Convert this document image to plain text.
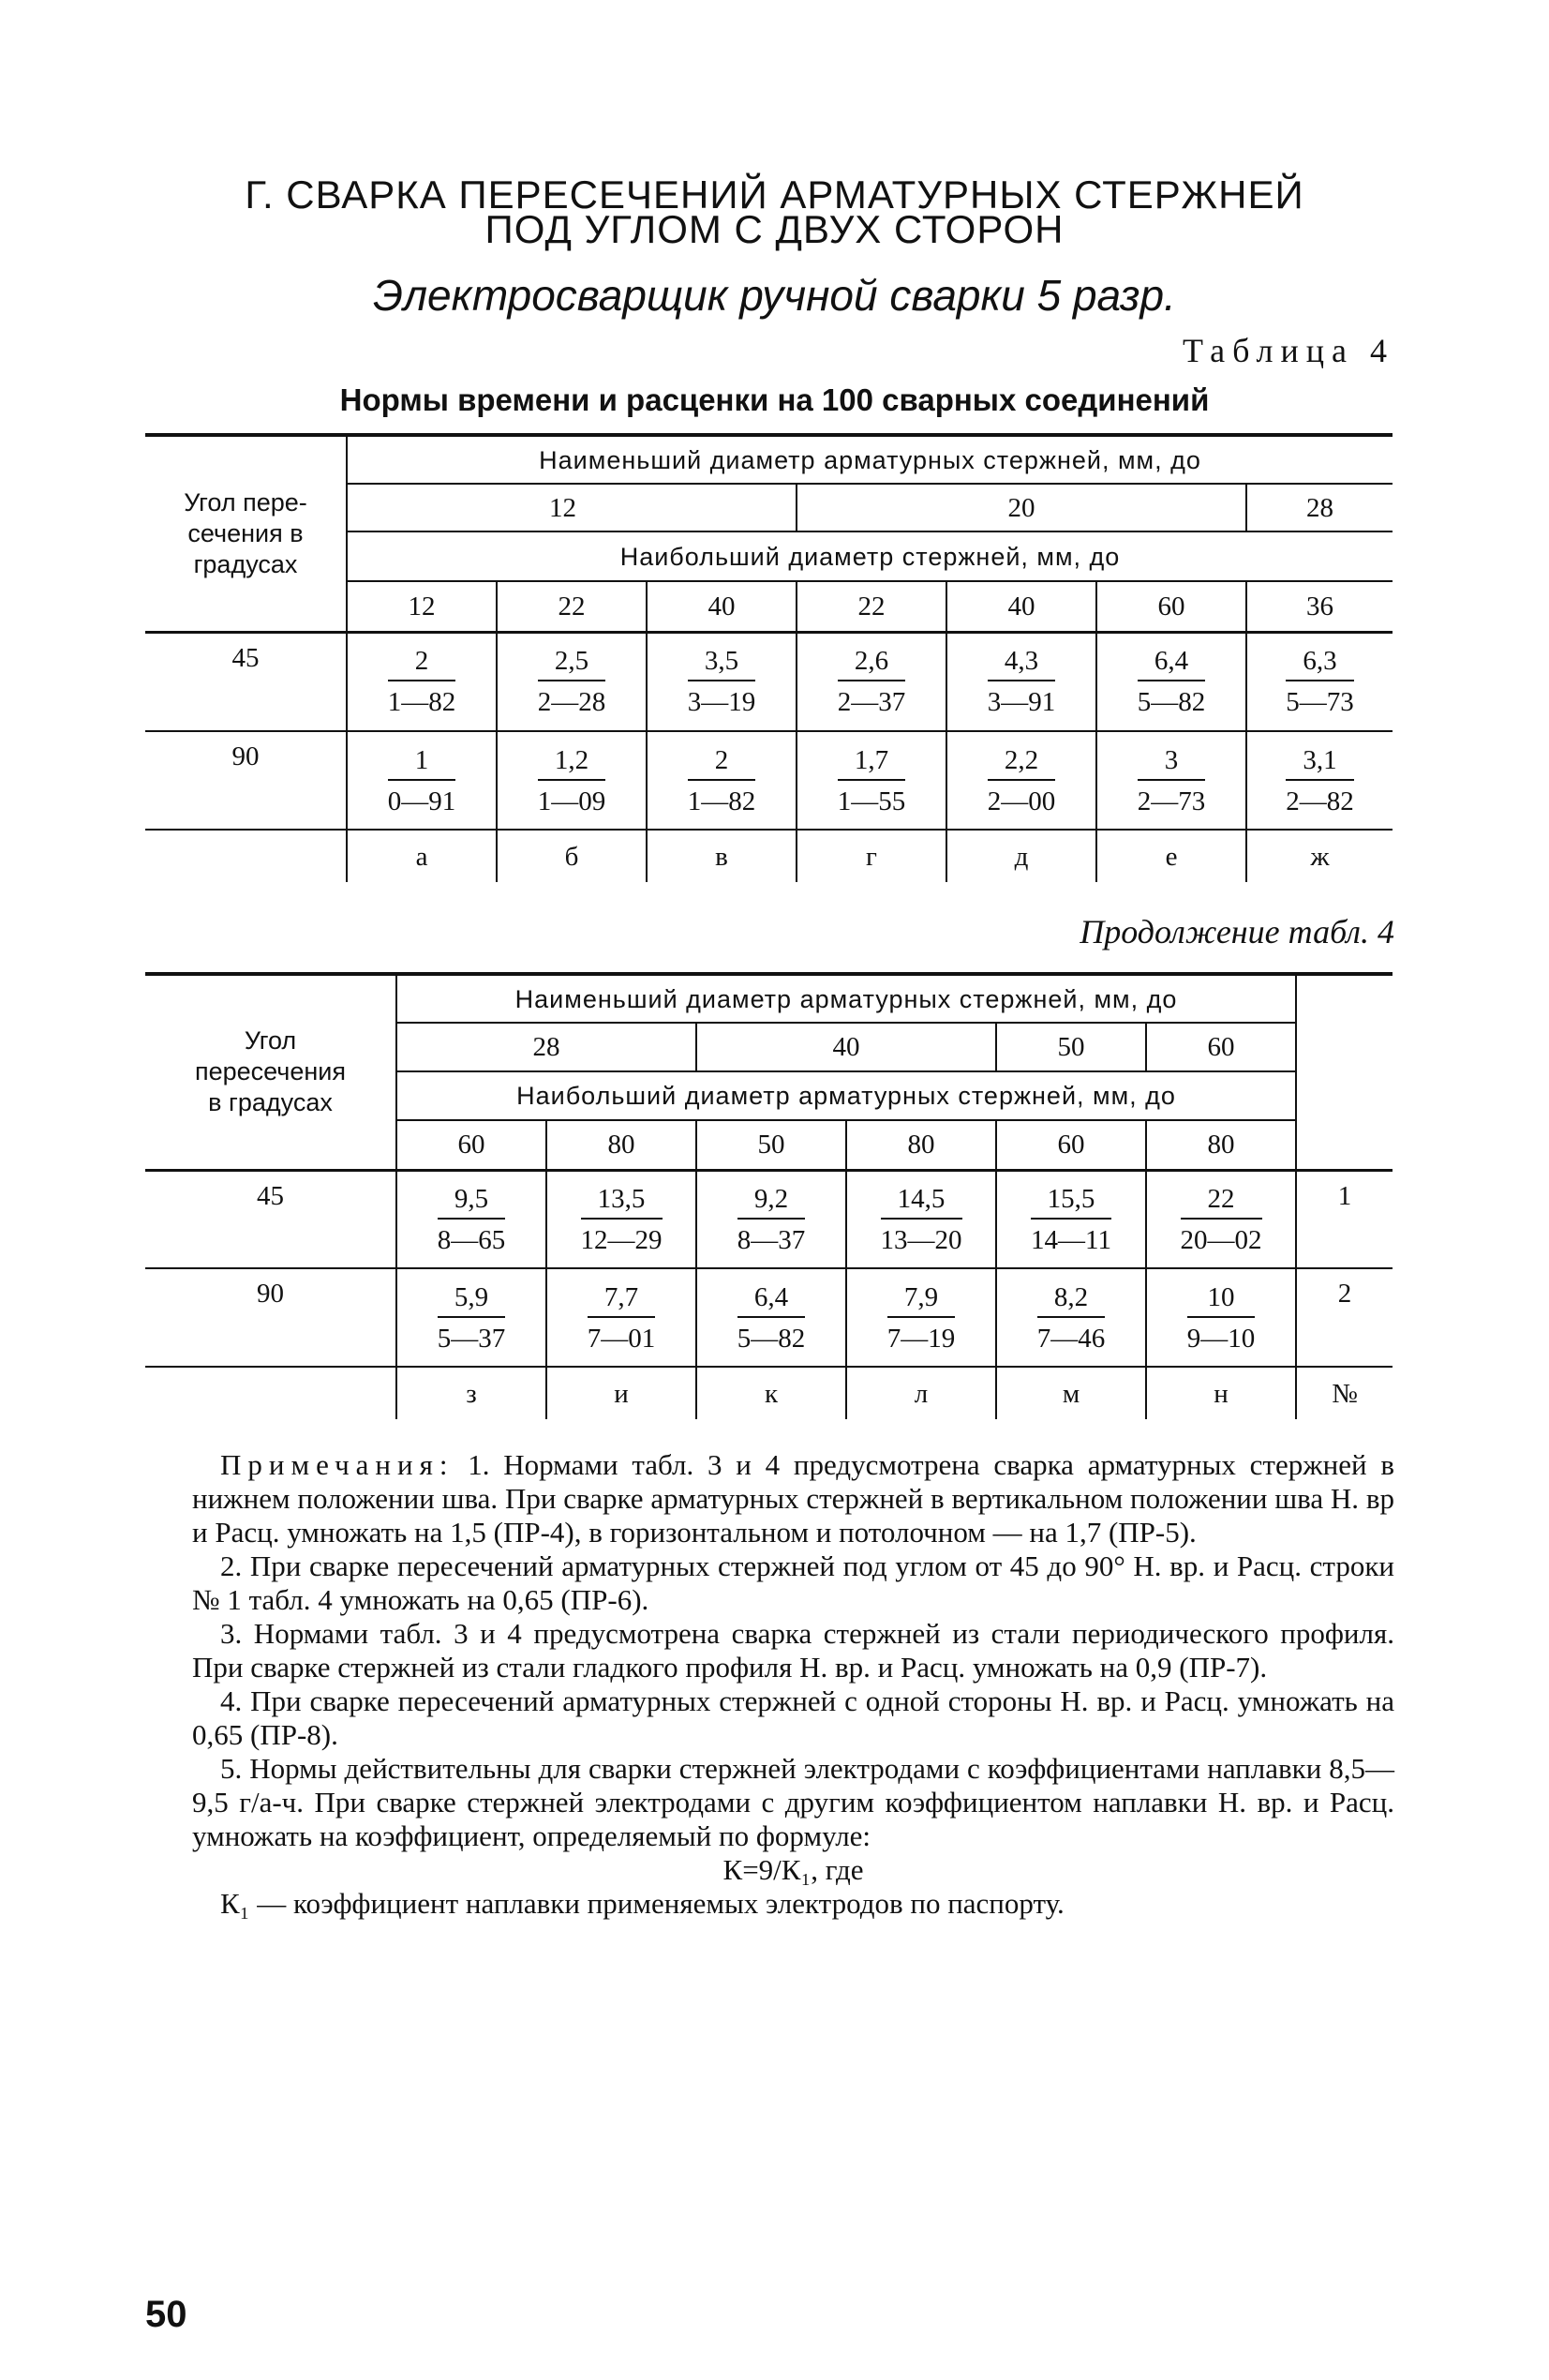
Г. СВАРКА ПЕРЕСЕЧЕНИЙ АРМАТУРНЫХ СТЕРЖНЕЙ
ПОД УГЛОМ С ДВУХ СТОРОН
Электросварщик ручной сварки 5 разр.
Таблица 4
Нормы времени и расценки на 100 сварных соединений
Угол пере-сечения в градусах	Наименьший диаметр арматурных стержней, мм, до						
	12			20			28
	Наибольший диаметр стержней, мм, до						
	12	22	40	22	40	60	36
45	$\frac{2}{1—82}$	$\frac{2,5}{2—28}$	$\frac{3,5}{3—19}$	$\frac{2,6}{2—37}$	$\frac{4,3}{3—91}$	$\frac{6,4}{5—82}$	$\frac{6,3}{5—73}$

90	$\frac{1}{0—91}$	$\frac{1,2}{1—09}$	$\frac{2}{1—82}$	$\frac{1,7}{1—55}$	$\frac{2,2}{2—00}$	$\frac{3}{2—73}$	$\frac{3,1}{2—82}$

	а	б	в	г	д	е	ж
Продолжение табл. 4
Угол пересечения в градусах	Наименьший диаметр арматурных стержней, мм, до						
	28		40		50	60	
	Наибольший диаметр арматурных стержней, мм, до						
	60	80	50	80	60	80	
45	$\frac{9,5}{8—65}$	$\frac{13,5}{12—29}$	$\frac{9,2}{8—37}$	$\frac{14,5}{13—20}$	$\frac{15,5}{14—11}$	$\frac{22}{20—02}$	1
90	$\frac{5,9}{5—37}$	$\frac{7,7}{7—01}$	$\frac{6,4}{5—82}$	$\frac{7,9}{7—19}$	$\frac{8,2}{7—46}$	$\frac{10}{9—10}$	2
	з	и	к	л	м	н	№

Примечания: 1. Нормами табл. 3 и 4 предусмотрена сварка арматурных стержней в нижнем положении шва. При сварке арматурных стержней в вертикальном положении шва Н. вр и Расц. умножать на 1,5 (ПР-4), в горизонтальном и потолочном — на 1,7 (ПР-5).

2. При сварке пересечений арматурных стержней под углом от 45 до 90° Н. вр. и Расц. строки № 1 табл. 4 умножать на 0,65 (ПР-6).

3. Нормами табл. 3 и 4 предусмотрена сварка стержней из стали периодического профиля. При сварке стержней из стали гладкого профиля Н. вр. и Расц. умножать на 0,9 (ПР-7).

4. При сварке пересечений арматурных стержней с одной стороны Н. вр. и Расц. умножать на 0,65 (ПР-8).

5. Нормы действительны для сварки стержней электродами с коэффициентами наплавки 8,5—9,5 г/а-ч. При сварке стержней электродами с другим коэффициентом наплавки Н. вр. и Расц. умножать на коэффициент, определяемый по формуле:

К=9/К₁, где

К₁ — коэффициент наплавки применяемых электродов по паспорту.

50
